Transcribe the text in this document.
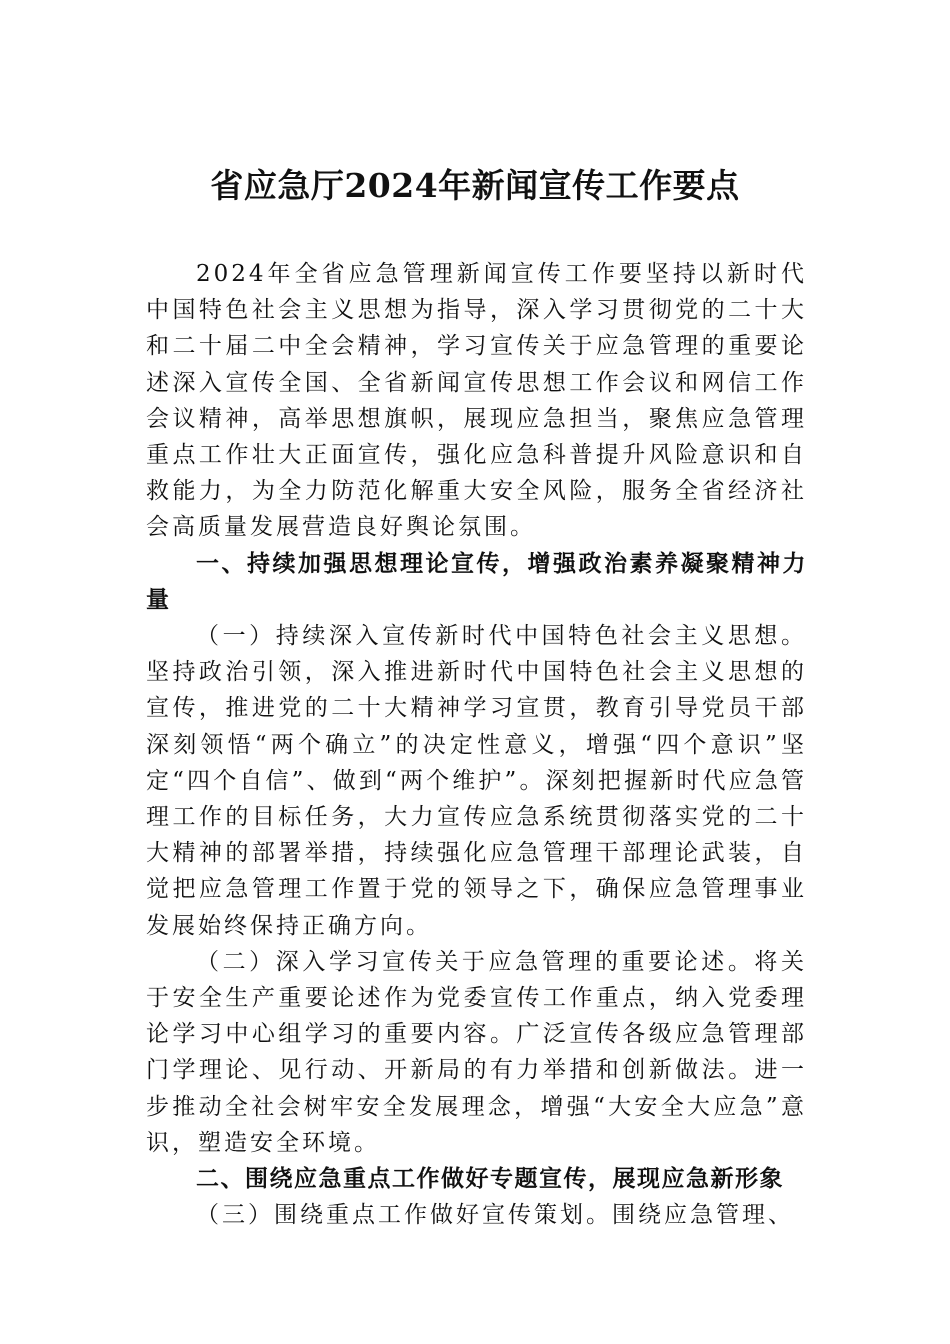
省应急厅2024年新闻宣传工作要点

2024年全省应急管理新闻宣传工作要坚持以新时代中国特色社会主义思想为指导，深入学习贯彻党的二十大和二十届二中全会精神，学习宣传关于应急管理的重要论述深入宣传全国、全省新闻宣传思想工作会议和网信工作会议精神，高举思想旗帜，展现应急担当，聚焦应急管理重点工作壮大正面宣传，强化应急科普提升风险意识和自救能力，为全力防范化解重大安全风险，服务全省经济社会高质量发展营造良好舆论氛围。

一、持续加强思想理论宣传，增强政治素养凝聚精神力量

（一）持续深入宣传新时代中国特色社会主义思想。坚持政治引领，深入推进新时代中国特色社会主义思想的宣传，推进党的二十大精神学习宣贯，教育引导党员干部深刻领悟“两个确立”的决定性意义，增强“四个意识”坚定“四个自信”、做到“两个维护”。深刻把握新时代应急管理工作的目标任务，大力宣传应急系统贯彻落实党的二十大精神的部署举措，持续强化应急管理干部理论武装，自觉把应急管理工作置于党的领导之下，确保应急管理事业发展始终保持正确方向。

（二）深入学习宣传关于应急管理的重要论述。将关于安全生产重要论述作为党委宣传工作重点，纳入党委理论学习中心组学习的重要内容。广泛宣传各级应急管理部门学理论、见行动、开新局的有力举措和创新做法。进一步推动全社会树牢安全发展理念，增强“大安全大应急”意识，塑造安全环境。

二、围绕应急重点工作做好专题宣传，展现应急新形象

（三）围绕重点工作做好宣传策划。围绕应急管理、
